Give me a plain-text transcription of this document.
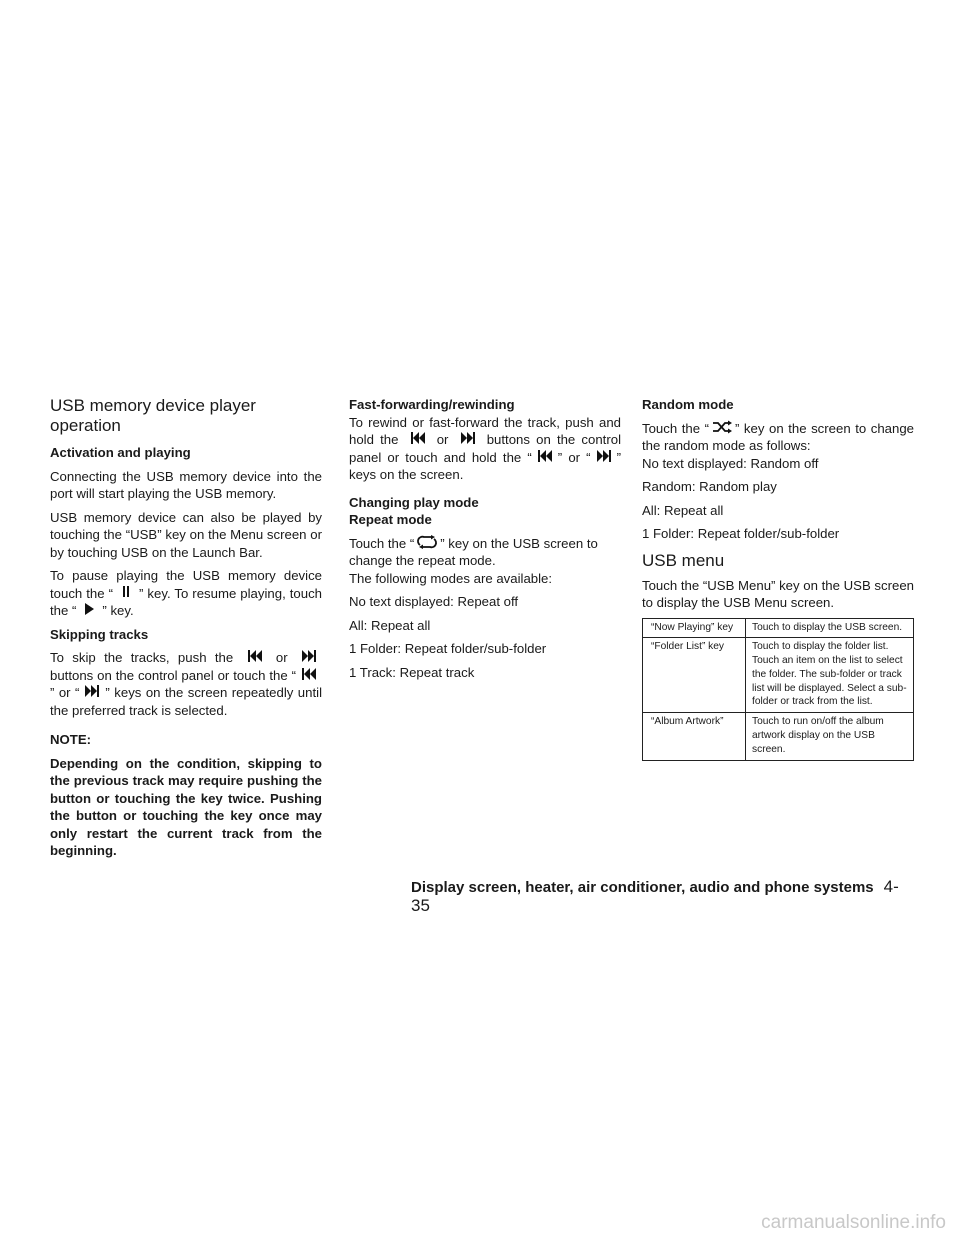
USB memory device player operation
Activation and playing

Connecting the USB memory device into the port will start playing the USB memory.

USB memory device can also be played by touching the “USB” key on the Menu screen or by touching USB on the Launch Bar.

To pause playing the USB memory device touch the “ ” key. To resume playing, touch the “ ” key.

Skipping tracks

To skip the tracks, push the  or  buttons on the control panel or touch the “” or “ ” keys on the screen repeatedly until the preferred track is selected.

NOTE:

Depending on the condition, skipping to the previous track may require pushing the button or touching the key twice. Pushing the button or touching the key once may only restart the current track from the beginning.

Fast-forwarding/rewinding

To rewind or fast-forward the track, push and hold the  or  buttons on the control panel or touch and hold the “ ” or “ ” keys on the screen.

Changing play mode
Repeat mode

Touch the “ ” key on the USB screen to change the repeat mode.

The following modes are available:

No text displayed: Repeat off

All: Repeat all

1 Folder: Repeat folder/sub-folder

1 Track: Repeat track

Random mode

Touch the “ ” key on the screen to change the random mode as follows:

No text displayed: Random off

Random: Random play

All: Repeat all

1 Folder: Repeat folder/sub-folder

USB menu

Touch the “USB Menu” key on the USB screen to display the USB Menu screen.

“Now Playing” key	Touch to display the USB screen.
“Folder List” key	Touch to display the folder list. Touch an item on the list to select the folder. The sub-folder or track list will be displayed. Select a sub-folder or track from the list.
“Album Artwork”	Touch to run on/off the album artwork display on the USB screen.
Display screen, heater, air conditioner, audio and phone systems 4-35
carmanualsonline.info
